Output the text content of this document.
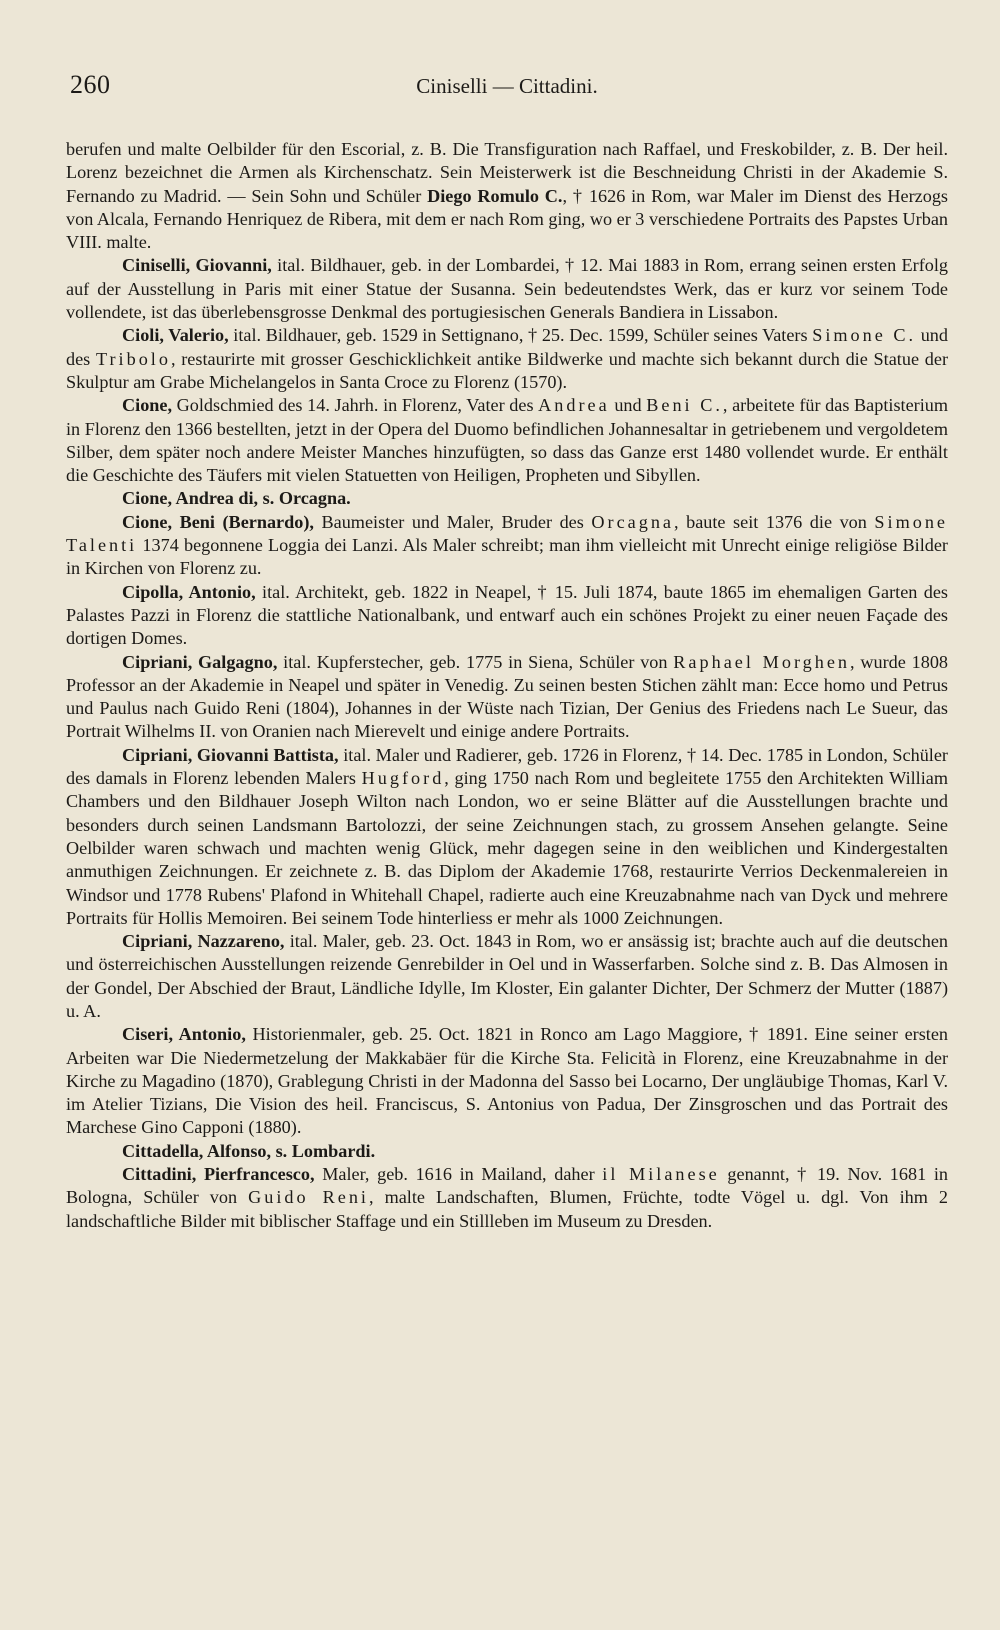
260	Ciniselli — Cittadini.

berufen und malte Oelbilder für den Escorial, z. B. Die Transfiguration nach Raffael, und Freskobilder, z. B. Der heil. Lorenz bezeichnet die Armen als Kirchenschatz. Sein Meisterwerk ist die Beschneidung Christi in der Akademie S. Fernando zu Madrid. — Sein Sohn und Schüler Diego Romulo C., † 1626 in Rom, war Maler im Dienst des Herzogs von Alcala, Fernando Henriquez de Ribera, mit dem er nach Rom ging, wo er 3 verschiedene Portraits des Papstes Urban VIII. malte.

Ciniselli, Giovanni, ital. Bildhauer, geb. in der Lombardei, † 12. Mai 1883 in Rom, errang seinen ersten Erfolg auf der Ausstellung in Paris mit einer Statue der Susanna. Sein bedeutendstes Werk, das er kurz vor seinem Tode vollendete, ist das überlebensgrosse Denkmal des portugiesischen Generals Bandiera in Lissabon.

Cioli, Valerio, ital. Bildhauer, geb. 1529 in Settignano, † 25. Dec. 1599, Schüler seines Vaters Simone C. und des Tribolo, restaurirte mit grosser Geschicklichkeit antike Bildwerke und machte sich bekannt durch die Statue der Skulptur am Grabe Michelangelos in Santa Croce zu Florenz (1570).

Cione, Goldschmied des 14. Jahrh. in Florenz, Vater des Andrea und Beni C., arbeitete für das Baptisterium in Florenz den 1366 bestellten, jetzt in der Opera del Duomo befindlichen Johannesaltar in getriebenem und vergoldetem Silber, dem später noch andere Meister Manches hinzufügten, so dass das Ganze erst 1480 vollendet wurde. Er enthält die Geschichte des Täufers mit vielen Statuetten von Heiligen, Propheten und Sibyllen.

Cione, Andrea di, s. Orcagna.

Cione, Beni (Bernardo), Baumeister und Maler, Bruder des Orcagna, baute seit 1376 die von Simone Talenti 1374 begonnene Loggia dei Lanzi. Als Maler schreibt; man ihm vielleicht mit Unrecht einige religiöse Bilder in Kirchen von Florenz zu.

Cipolla, Antonio, ital. Architekt, geb. 1822 in Neapel, † 15. Juli 1874, baute 1865 im ehemaligen Garten des Palastes Pazzi in Florenz die stattliche Nationalbank, und entwarf auch ein schönes Projekt zu einer neuen Façade des dortigen Domes.

Cipriani, Galgagno, ital. Kupferstecher, geb. 1775 in Siena, Schüler von Raphael Morghen, wurde 1808 Professor an der Akademie in Neapel und später in Venedig. Zu seinen besten Stichen zählt man: Ecce homo und Petrus und Paulus nach Guido Reni (1804), Johannes in der Wüste nach Tizian, Der Genius des Friedens nach Le Sueur, das Portrait Wilhelms II. von Oranien nach Mierevelt und einige andere Portraits.

Cipriani, Giovanni Battista, ital. Maler und Radierer, geb. 1726 in Florenz, † 14. Dec. 1785 in London, Schüler des damals in Florenz lebenden Malers Hugford, ging 1750 nach Rom und begleitete 1755 den Architekten William Chambers und den Bildhauer Joseph Wilton nach London, wo er seine Blätter auf die Ausstellungen brachte und besonders durch seinen Landsmann Bartolozzi, der seine Zeichnungen stach, zu grossem Ansehen gelangte. Seine Oelbilder waren schwach und machten wenig Glück, mehr dagegen seine in den weiblichen und Kindergestalten anmuthigen Zeichnungen. Er zeichnete z. B. das Diplom der Akademie 1768, restaurirte Verrios Deckenmalereien in Windsor und 1778 Rubens' Plafond in Whitehall Chapel, radierte auch eine Kreuzabnahme nach van Dyck und mehrere Portraits für Hollis Memoiren. Bei seinem Tode hinterliess er mehr als 1000 Zeichnungen.

Cipriani, Nazzareno, ital. Maler, geb. 23. Oct. 1843 in Rom, wo er ansässig ist; brachte auch auf die deutschen und österreichischen Ausstellungen reizende Genrebilder in Oel und in Wasserfarben. Solche sind z. B. Das Almosen in der Gondel, Der Abschied der Braut, Ländliche Idylle, Im Kloster, Ein galanter Dichter, Der Schmerz der Mutter (1887) u. A.

Ciseri, Antonio, Historienmaler, geb. 25. Oct. 1821 in Ronco am Lago Maggiore, † 1891. Eine seiner ersten Arbeiten war Die Niedermetzelung der Makkabäer für die Kirche Sta. Felicità in Florenz, eine Kreuzabnahme in der Kirche zu Magadino (1870), Grablegung Christi in der Madonna del Sasso bei Locarno, Der ungläubige Thomas, Karl V. im Atelier Tizians, Die Vision des heil. Franciscus, S. Antonius von Padua, Der Zinsgroschen und das Portrait des Marchese Gino Capponi (1880).

Cittadella, Alfonso, s. Lombardi.

Cittadini, Pierfrancesco, Maler, geb. 1616 in Mailand, daher il Milanese genannt, † 19. Nov. 1681 in Bologna, Schüler von Guido Reni, malte Landschaften, Blumen, Früchte, todte Vögel u. dgl. Von ihm 2 landschaftliche Bilder mit biblischer Staffage und ein Stillleben im Museum zu Dresden.
